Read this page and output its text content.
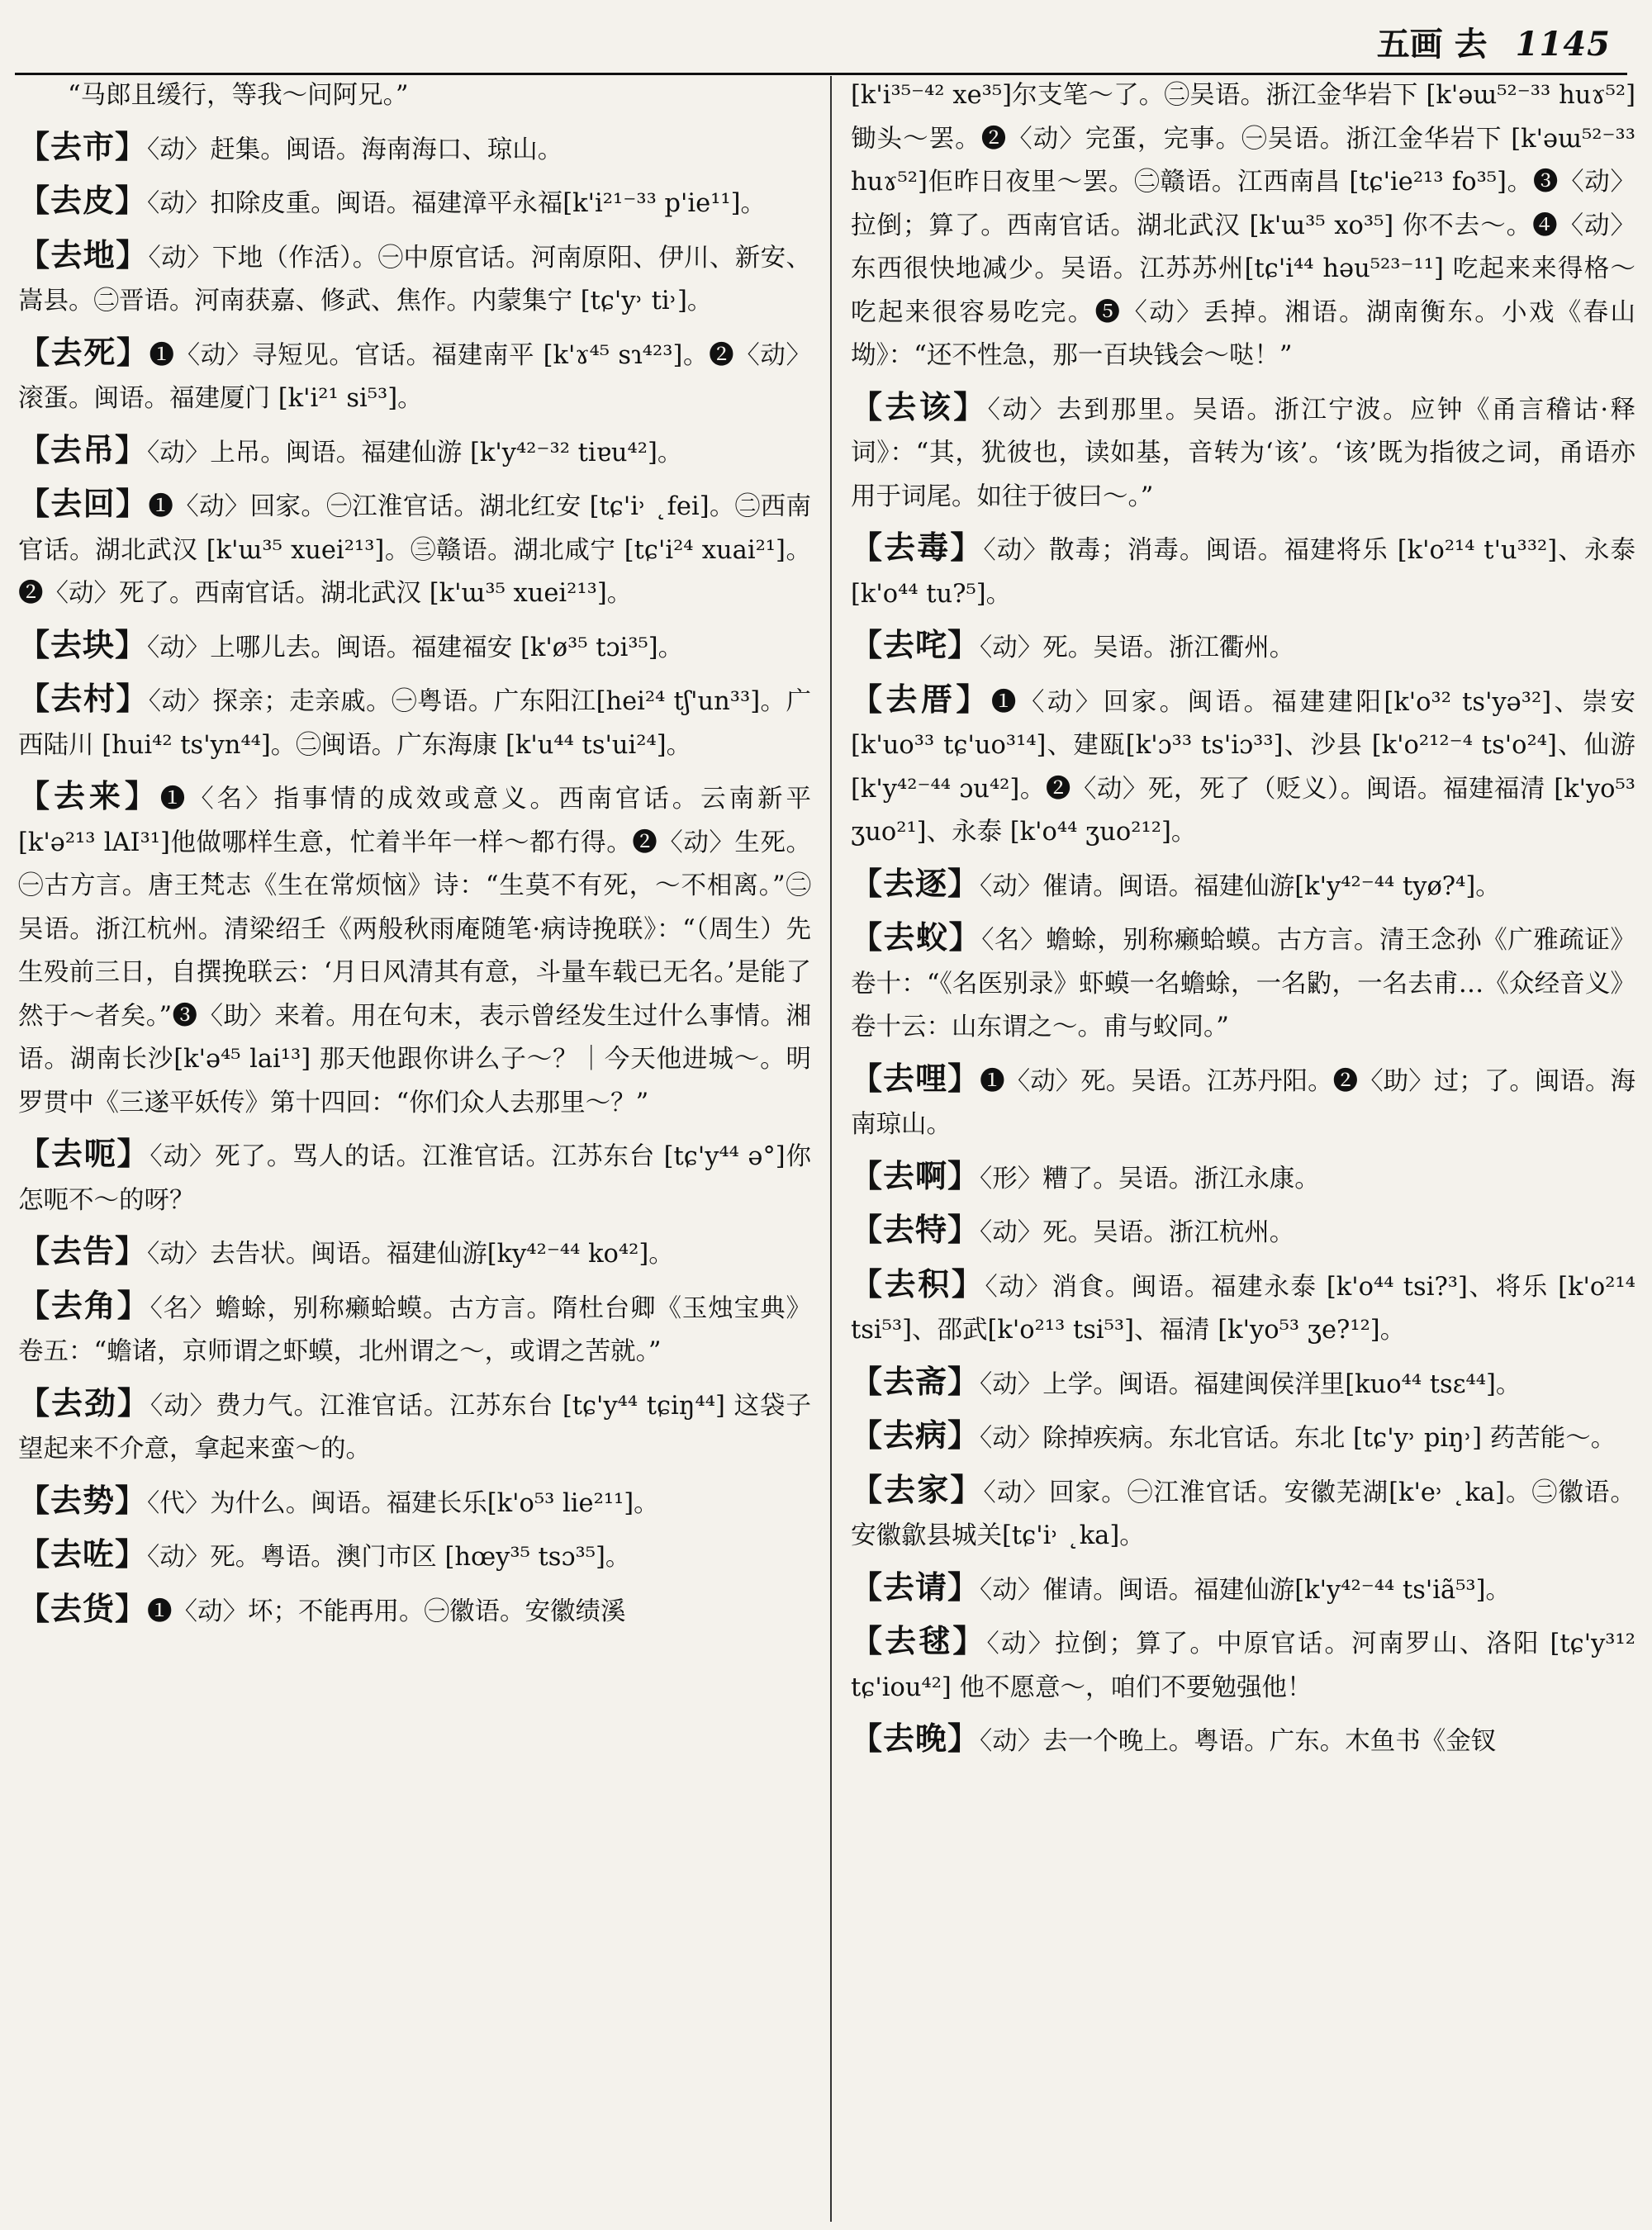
五画 去 1145

“马郎且缓行，等我～问阿兄。”

【去市】〈动〉赶集。闽语。海南海口、琼山。

【去皮】〈动〉扣除皮重。闽语。福建漳平永福[k'i²¹⁻³³ p'ie¹¹]。

【去地】〈动〉下地（作活）。㊀中原官话。河南原阳、伊川、新安、嵩县。㊁晋语。河南获嘉、修武、焦作。内蒙集宁 [tɕ'y˒ ti˒]。

【去死】❶〈动〉寻短见。官话。福建南平 [k'ɤ⁴⁵ sɿ⁴²³]。❷〈动〉滚蛋。闽语。福建厦门 [k'i²¹ si⁵³]。

【去吊】〈动〉上吊。闽语。福建仙游 [k'y⁴²⁻³² tiɐu⁴²]。

【去回】❶〈动〉回家。㊀江淮官话。湖北红安 [tɕ'i˒ ˛fei]。㊁西南官话。湖北武汉 [k'ɯ³⁵ xuei²¹³]。㊂赣语。湖北咸宁 [tɕ'i²⁴ xuai²¹]。❷〈动〉死了。西南官话。湖北武汉 [k'ɯ³⁵ xuei²¹³]。

【去块】〈动〉上哪儿去。闽语。福建福安 [k'ø³⁵ tɔi³⁵]。

【去村】〈动〉探亲；走亲戚。㊀粤语。广东阳江[hei²⁴ tʃ'un³³]。广西陆川 [hui⁴² ts'yn⁴⁴]。㊁闽语。广东海康 [k'u⁴⁴ ts'ui²⁴]。

【去来】❶〈名〉指事情的成效或意义。西南官话。云南新平 [k'ə²¹³ lAI³¹]他做哪样生意，忙着半年一样～都冇得。❷〈动〉生死。㊀古方言。唐王梵志《生在常烦恼》诗：“生莫不有死，～不相离。”㊁吴语。浙江杭州。清梁绍壬《两般秋雨庵随笔·病诗挽联》：“（周生）先生殁前三日，自撰挽联云：‘月日风清其有意，斗量车载已无名。’是能了然于～者矣。”❸〈助〉来着。用在句末，表示曾经发生过什么事情。湘语。湖南长沙[k'ə⁴⁵ lai¹³] 那天他跟你讲么子～？｜今天他进城～。明罗贯中《三遂平妖传》第十四回：“你们众人去那里～？”

【去呃】〈动〉死了。骂人的话。江淮官话。江苏东台 [tɕ'y⁴⁴ ə°]你怎呃不～的呀？

【去告】〈动〉去告状。闽语。福建仙游[ky⁴²⁻⁴⁴ ko⁴²]。

【去角】〈名〉蟾蜍，别称癞蛤蟆。古方言。隋杜台卿《玉烛宝典》卷五：“蟾诸，京师谓之虾蟆，北州谓之～，或谓之苦就。”

【去劲】〈动〉费力气。江淮官话。江苏东台 [tɕ'y⁴⁴ tɕiŋ⁴⁴] 这袋子望起来不介意，拿起来蛮～的。

【去势】〈代〉为什么。闽语。福建长乐[k'o⁵³ lie²¹¹]。

【去咗】〈动〉死。粤语。澳门市区 [hœy³⁵ tsɔ³⁵]。

【去货】❶〈动〉坏；不能再用。㊀徽语。安徽绩溪

[k'i³⁵⁻⁴² xe³⁵]尔支笔～了。㊁吴语。浙江金华岩下 [k'əɯ⁵²⁻³³ huɤ⁵²]锄头～罢。❷〈动〉完蛋，完事。㊀吴语。浙江金华岩下 [k'əɯ⁵²⁻³³ huɤ⁵²]佢昨日夜里～罢。㊁赣语。江西南昌 [tɕ'ie²¹³ fo³⁵]。❸〈动〉拉倒；算了。西南官话。湖北武汉 [k'ɯ³⁵ xo³⁵] 你不去～。❹〈动〉东西很快地减少。吴语。江苏苏州[tɕ'i⁴⁴ həu⁵²³⁻¹¹] 吃起来来得格～吃起来很容易吃完。❺〈动〉丢掉。湘语。湖南衡东。小戏《春山坳》：“还不性急，那一百块钱会～哒！”

【去该】〈动〉去到那里。吴语。浙江宁波。应钟《甬言稽诂·释词》：“其，犹彼也，读如基，音转为‘该’。‘该’既为指彼之词，甬语亦用于词尾。如往于彼曰～。”

【去毒】〈动〉散毒；消毒。闽语。福建将乐 [k'o²¹⁴ t'u³³²]、永泰 [k'o⁴⁴ tu?⁵]。

【去咤】〈动〉死。吴语。浙江衢州。

【去厝】❶〈动〉回家。闽语。福建建阳[k'o³² ts'yə³²]、崇安 [k'uo³³ tɕ'uo³¹⁴]、建瓯[k'ɔ³³ ts'iɔ³³]、沙县 [k'o²¹²⁻⁴ ts'o²⁴]、仙游[k'y⁴²⁻⁴⁴ ɔu⁴²]。❷〈动〉死，死了（贬义）。闽语。福建福清 [k'yo⁵³ ʒuo²¹]、永泰 [k'o⁴⁴ ʒuo²¹²]。

【去逐】〈动〉催请。闽语。福建仙游[k'y⁴²⁻⁴⁴ tyø?⁴]。

【去蚥】〈名〉蟾蜍，别称癞蛤蟆。古方言。清王念孙《广雅疏证》卷十：“《名医别录》虾蟆一名蟾蜍，一名䶂，一名去甫…《众经音义》卷十云：山东谓之～。甫与蚥同。”

【去哩】❶〈动〉死。吴语。江苏丹阳。❷〈助〉过；了。闽语。海南琼山。

【去啊】〈形〉糟了。吴语。浙江永康。

【去特】〈动〉死。吴语。浙江杭州。

【去积】〈动〉消食。闽语。福建永泰 [k'o⁴⁴ tsi?³]、将乐 [k'o²¹⁴ tsi⁵³]、邵武[k'o²¹³ tsi⁵³]、福清 [k'yo⁵³ ʒe?¹²]。

【去斋】〈动〉上学。闽语。福建闽侯洋里[kuo⁴⁴ tsɛ⁴⁴]。

【去病】〈动〉除掉疾病。东北官话。东北 [tɕ'y˒ piŋ˒] 药苦能～。

【去家】〈动〉回家。㊀江淮官话。安徽芜湖[k'e˒ ˛ka]。㊁徽语。安徽歙县城关[tɕ'i˒ ˛ka]。

【去请】〈动〉催请。闽语。福建仙游[k'y⁴²⁻⁴⁴ ts'iã⁵³]。

【去毬】〈动〉拉倒；算了。中原官话。河南罗山、洛阳 [tɕ'y³¹² tɕ'iou⁴²] 他不愿意～，咱们不要勉强他！

【去晚】〈动〉去一个晚上。粤语。广东。木鱼书《金钗
